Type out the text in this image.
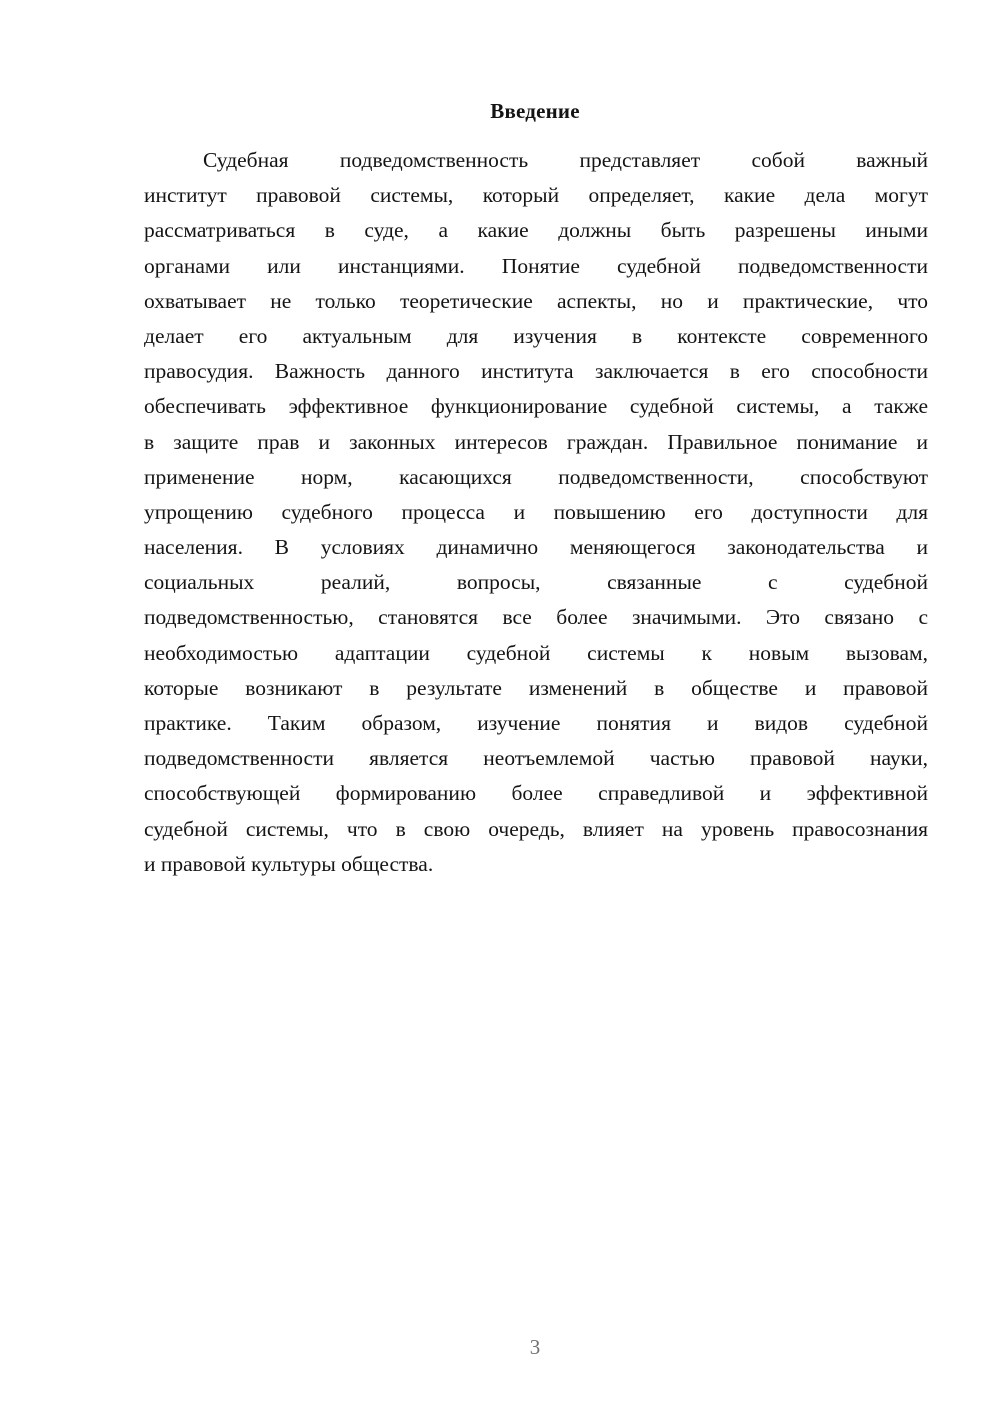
Введение
Судебная подведомственность представляет собой важный
институт правовой системы, который определяет, какие дела могут
рассматриваться в суде, а какие должны быть разрешены иными
органами или инстанциями. Понятие судебной подведомственности
охватывает не только теоретические аспекты, но и практические, что
делает его актуальным для изучения в контексте современного
правосудия. Важность данного института заключается в его способности
обеспечивать эффективное функционирование судебной системы, а также
в защите прав и законных интересов граждан. Правильное понимание и
применение норм, касающихся подведомственности, способствуют
упрощению судебного процесса и повышению его доступности для
населения. В условиях динамично меняющегося законодательства и
социальных реалий, вопросы, связанные с судебной
подведомственностью, становятся все более значимыми. Это связано с
необходимостью адаптации судебной системы к новым вызовам,
которые возникают в результате изменений в обществе и правовой
практике. Таким образом, изучение понятия и видов судебной
подведомственности является неотъемлемой частью правовой науки,
способствующей формированию более справедливой и эффективной
судебной системы, что в свою очередь, влияет на уровень правосознания
и правовой культуры общества.
3
